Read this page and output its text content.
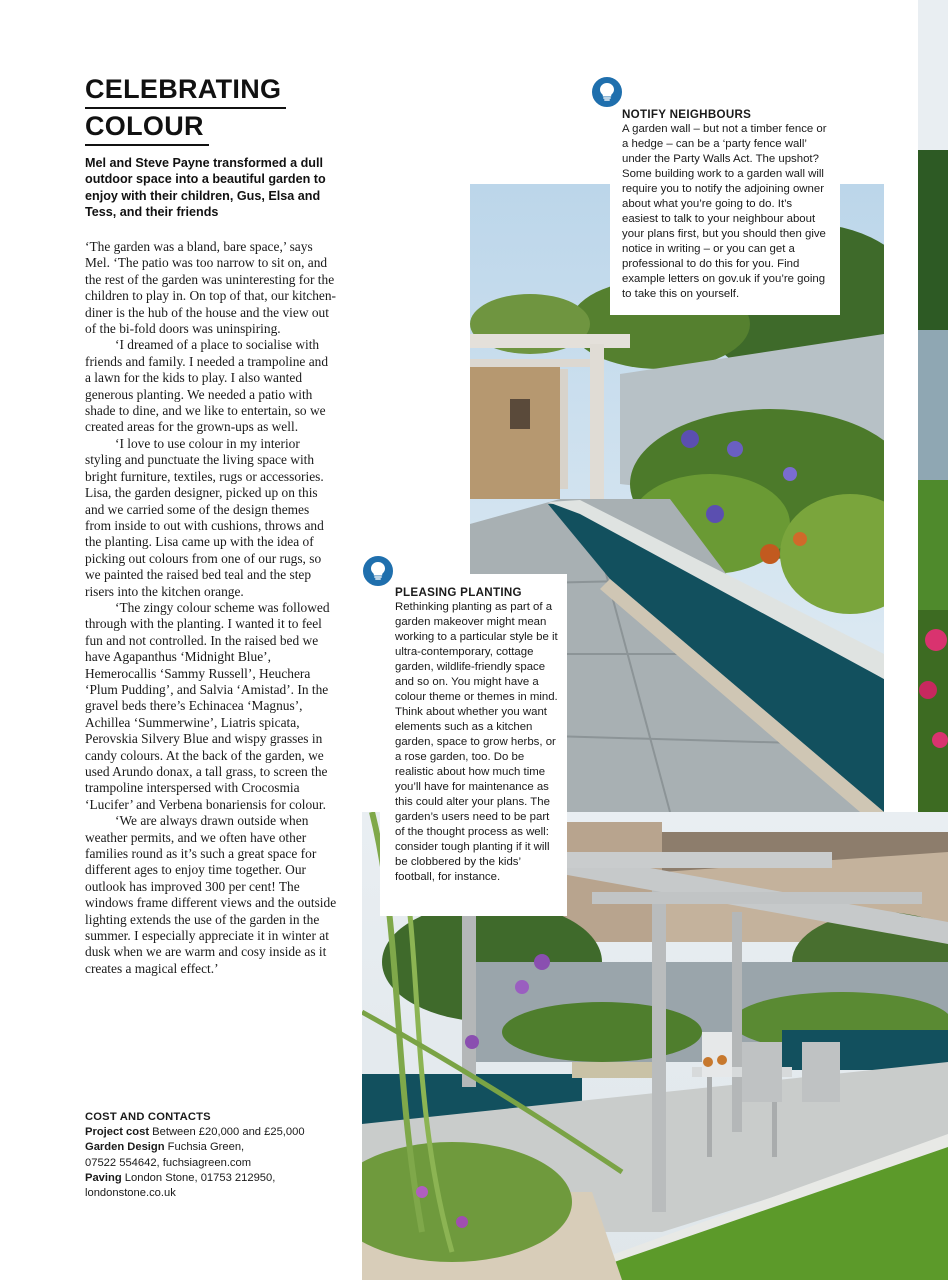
CELEBRATING
COLOUR
Mel and Steve Payne transformed a dull outdoor space into a beautiful garden to enjoy with their children, Gus, Elsa and Tess, and their friends

‘The garden was a bland, bare space,’ says Mel. ‘The patio was too narrow to sit on, and the rest of the garden was uninteresting for the children to play in. On top of that, our kitchen-diner is the hub of the house and the view out of the bi-fold doors was uninspiring.

‘I dreamed of a place to socialise with friends and family. I needed a trampoline and a lawn for the kids to play. I also wanted generous planting. We needed a patio with shade to dine, and we like to entertain, so we created areas for the grown-ups as well.

‘I love to use colour in my interior styling and punctuate the living space with bright furniture, textiles, rugs or accessories. Lisa, the garden designer, picked up on this and we carried some of the design themes from inside to out with cushions, throws and the planting. Lisa came up with the idea of picking out colours from one of our rugs, so we painted the raised bed teal and the step risers into the kitchen orange.

‘The zingy colour scheme was followed through with the planting. I wanted it to feel fun and not controlled. In the raised bed we have Agapanthus ‘Midnight Blue’, Hemerocallis ‘Sammy Russell’, Heuchera ‘Plum Pudding’, and Salvia ‘Amistad’. In the gravel beds there’s Echinacea ‘Magnus’, Achillea ‘Summerwine’, Liatris spicata, Perovskia Silvery Blue and wispy grasses in candy colours. At the back of the garden, we used Arundo donax, a tall grass, to screen the trampoline interspersed with Crocosmia ‘Lucifer’ and Verbena bonariensis for colour.

‘We are always drawn outside when weather permits, and we often have other families round as it’s such a great space for different ages to enjoy time together. Our outlook has improved 300 per cent! The windows frame different views and the outside lighting extends the use of the garden in the summer. I especially appreciate it in winter at dusk when we are warm and cosy inside as it creates a magical effect.’

COST AND CONTACTS
Project cost Between £20,000 and £25,000
Garden Design Fuchsia Green,
07522 554642, fuchsiagreen.com
Paving London Stone, 01753 212950,
londonstone.co.uk
NOTIFY NEIGHBOURS
A garden wall – but not a timber fence or a hedge – can be a ‘party fence wall’ under the Party Walls Act. The upshot? Some building work to a garden wall will require you to notify the adjoining owner about what you’re going to do. It’s easiest to talk to your neighbour about your plans first, but you should then give notice in writing – or you can get a professional to do this for you. Find example letters on gov.uk if you’re going to take this on yourself.
PLEASING PLANTING
Rethinking planting as part of a garden makeover might mean working to a particular style be it ultra-contemporary, cottage garden, wildlife-friendly space and so on. You might have a colour theme or themes in mind. Think about whether you want elements such as a kitchen garden, space to grow herbs, or a rose garden, too. Do be realistic about how much time you’ll have for maintenance as this could alter your plans. The garden’s users need to be part of the thought process as well: consider tough planting if it will be clobbered by the kids’ football, for instance.
